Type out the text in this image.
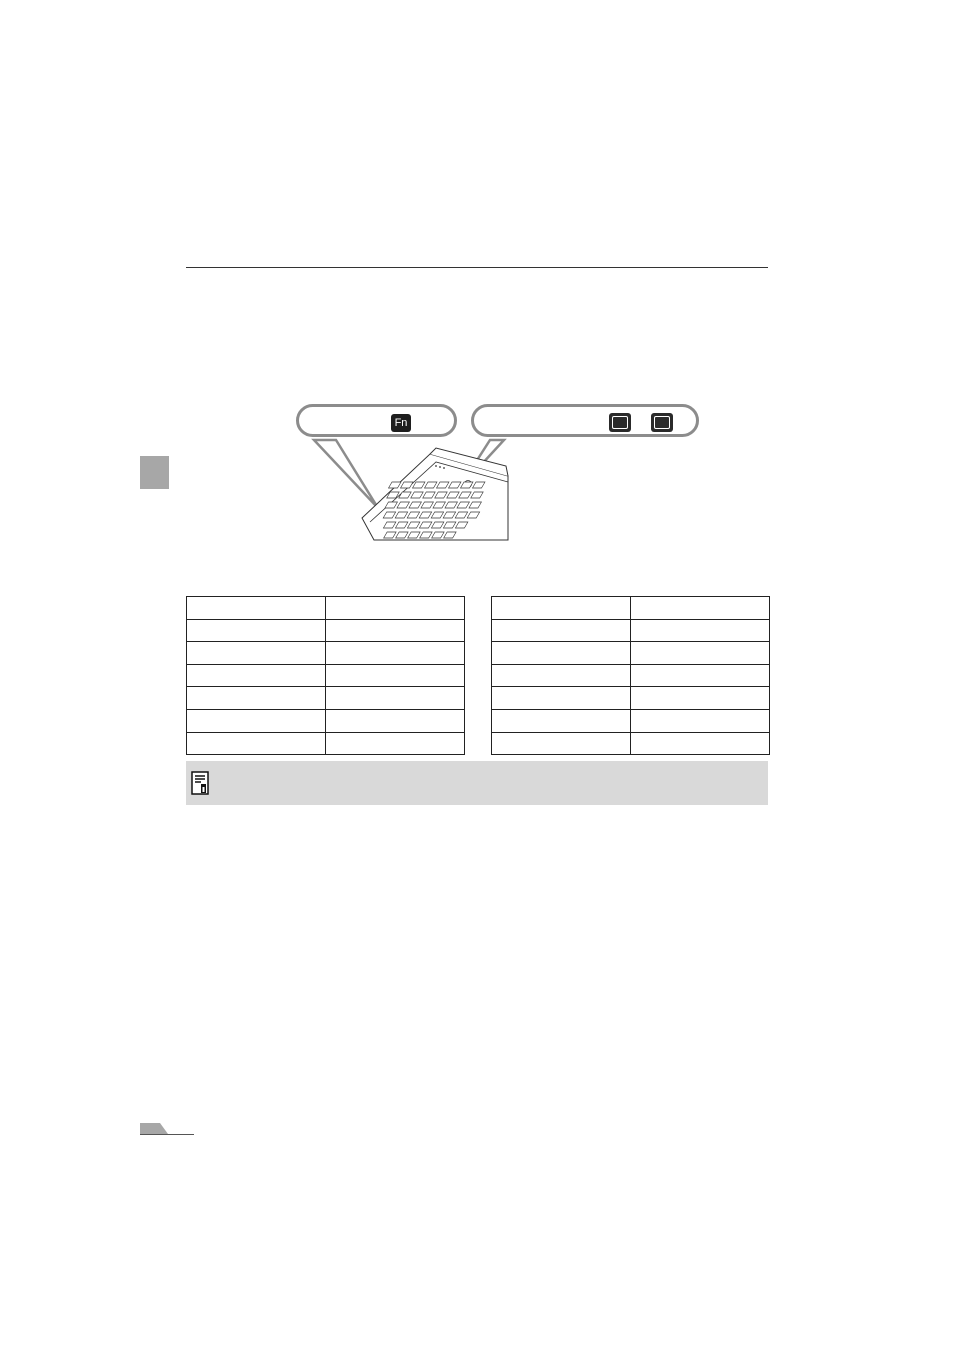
Fn
